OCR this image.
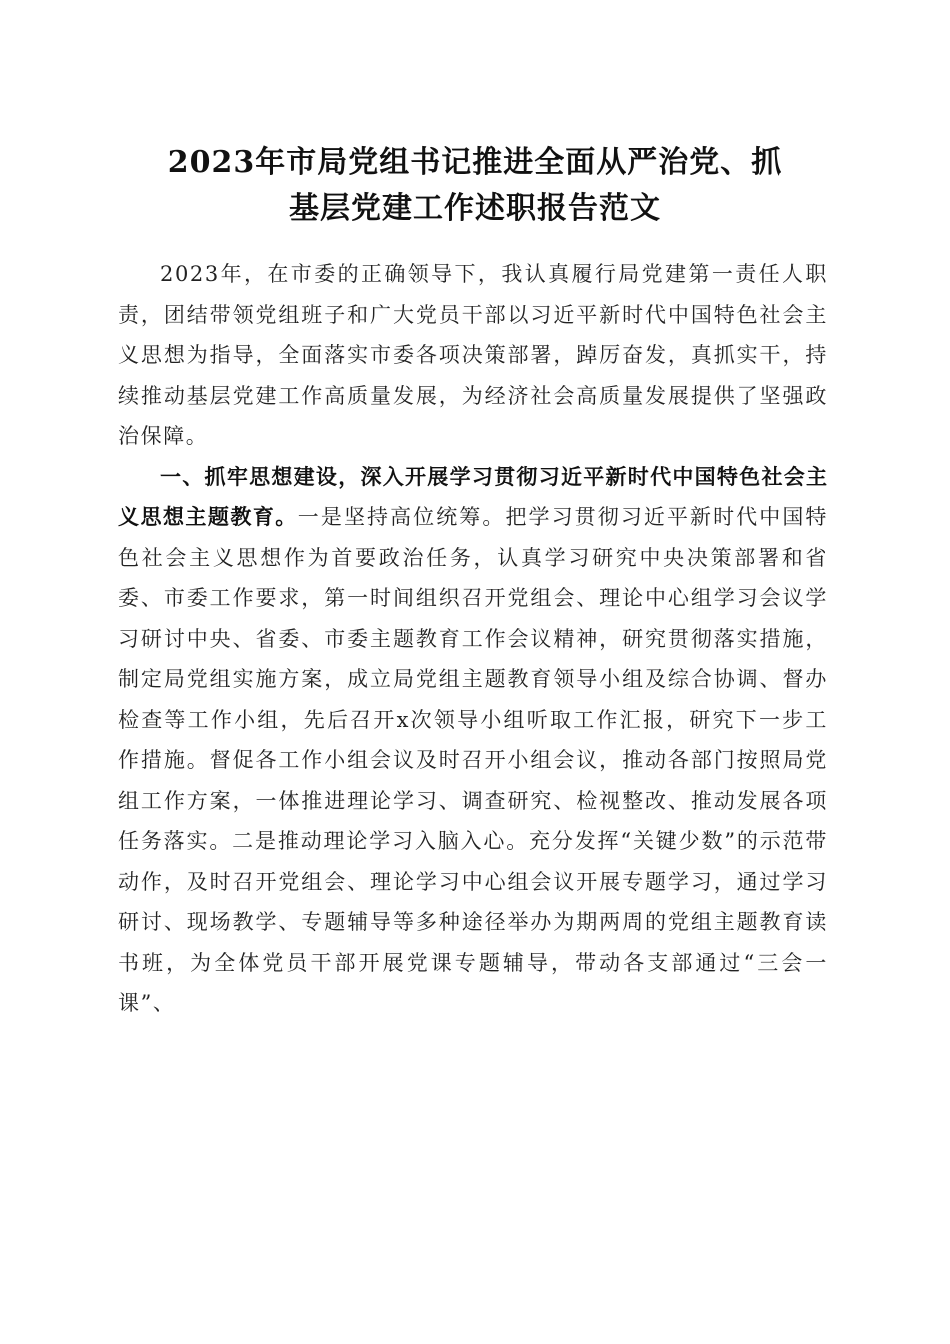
2023年市局党组书记推进全面从严治党、抓
基层党建工作述职报告范文

2023年，在市委的正确领导下，我认真履行局党建第一责任人职责，团结带领党组班子和广大党员干部以习近平新时代中国特色社会主义思想为指导，全面落实市委各项决策部署，踔厉奋发，真抓实干，持续推动基层党建工作高质量发展，为经济社会高质量发展提供了坚强政治保障。

一、抓牢思想建设，深入开展学习贯彻习近平新时代中国特色社会主义思想主题教育。一是坚持高位统筹。把学习贯彻习近平新时代中国特色社会主义思想作为首要政治任务，认真学习研究中央决策部署和省委、市委工作要求，第一时间组织召开党组会、理论中心组学习会议学习研讨中央、省委、市委主题教育工作会议精神，研究贯彻落实措施，制定局党组实施方案，成立局党组主题教育领导小组及综合协调、督办检查等工作小组，先后召开x次领导小组听取工作汇报，研究下一步工作措施。督促各工作小组会议及时召开小组会议，推动各部门按照局党组工作方案，一体推进理论学习、调查研究、检视整改、推动发展各项任务落实。二是推动理论学习入脑入心。充分发挥“关键少数”的示范带动作，及时召开党组会、理论学习中心组会议开展专题学习，通过学习研讨、现场教学、专题辅导等多种途径举办为期两周的党组主题教育读书班，为全体党员干部开展党课专题辅导，带动各支部通过“三会一课”、
